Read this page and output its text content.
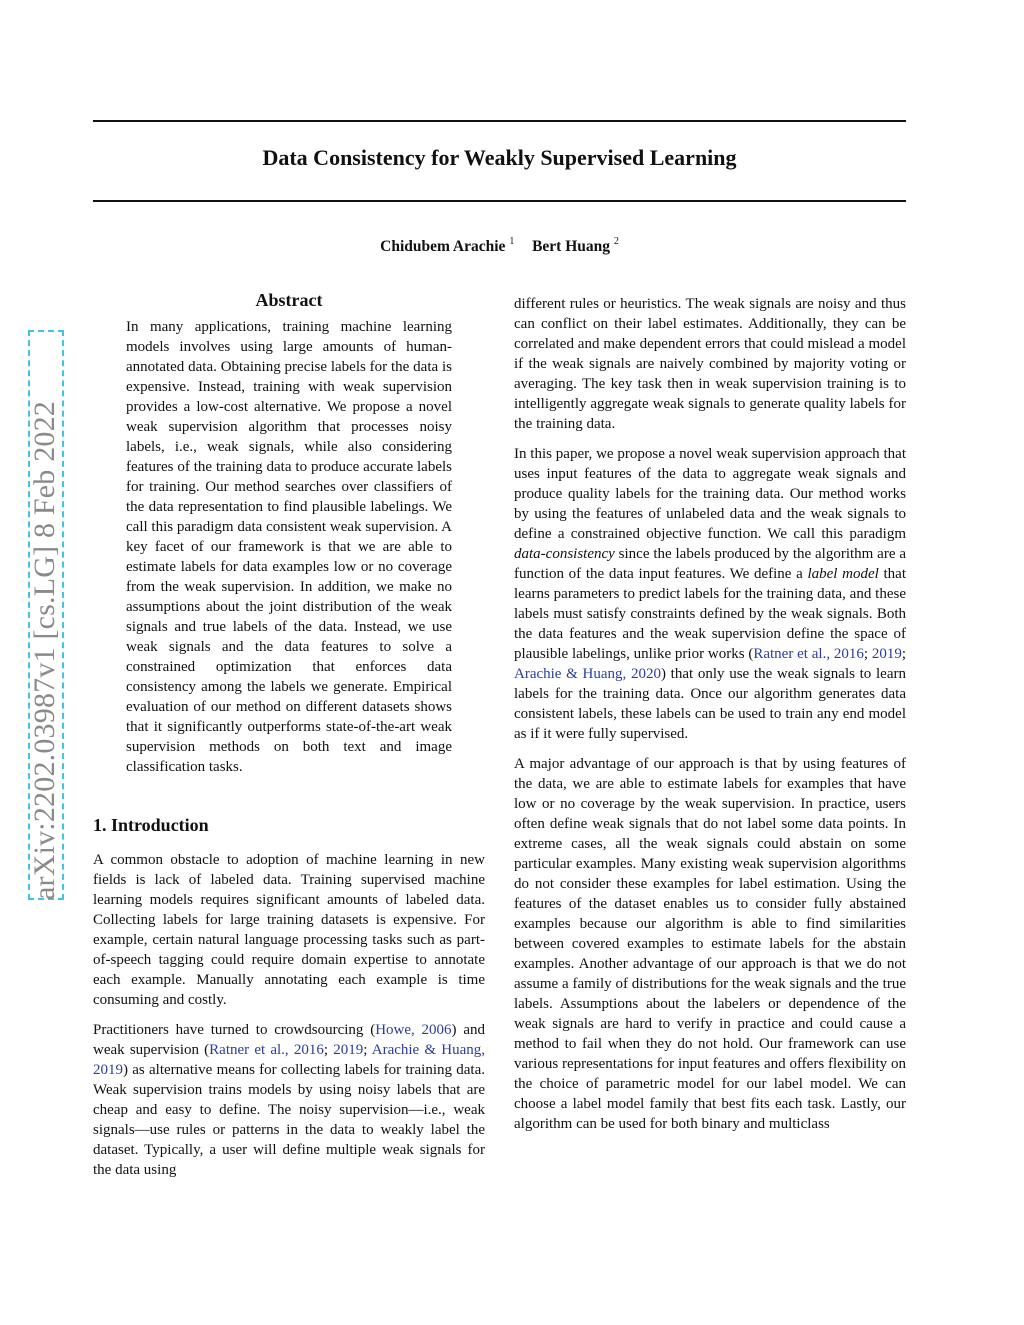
Data Consistency for Weakly Supervised Learning
Chidubem Arachie $^1$ Bert Huang $^2$
arXiv:2202.03987v1 [cs.LG] 8 Feb 2022
Abstract
In many applications, training machine learning models involves using large amounts of human-annotated data. Obtaining precise labels for the data is expensive. Instead, training with weak supervision provides a low-cost alternative. We propose a novel weak supervision algorithm that processes noisy labels, i.e., weak signals, while also considering features of the training data to produce accurate labels for training. Our method searches over classifiers of the data representation to find plausible labelings. We call this paradigm data consistent weak supervision. A key facet of our framework is that we are able to estimate labels for data examples low or no coverage from the weak supervision. In addition, we make no assumptions about the joint distribution of the weak signals and true labels of the data. Instead, we use weak signals and the data features to solve a constrained optimization that enforces data consistency among the labels we generate. Empirical evaluation of our method on different datasets shows that it significantly outperforms state-of-the-art weak supervision methods on both text and image classification tasks.
1. Introduction

A common obstacle to adoption of machine learning in new fields is lack of labeled data. Training supervised machine learning models requires significant amounts of labeled data. Collecting labels for large training datasets is expensive. For example, certain natural language processing tasks such as part-of-speech tagging could require domain expertise to annotate each example. Manually annotating each example is time consuming and costly.

Practitioners have turned to crowdsourcing (Howe, 2006) and weak supervision (Ratner et al., 2016; 2019; Arachie & Huang, 2019) as alternative means for collecting labels for training data. Weak supervision trains models by using noisy labels that are cheap and easy to define. The noisy supervision—i.e., weak signals—use rules or patterns in the data to weakly label the dataset. Typically, a user will define multiple weak signals for the data using

different rules or heuristics. The weak signals are noisy and thus can conflict on their label estimates. Additionally, they can be correlated and make dependent errors that could mislead a model if the weak signals are naively combined by majority voting or averaging. The key task then in weak supervision training is to intelligently aggregate weak signals to generate quality labels for the training data.

In this paper, we propose a novel weak supervision approach that uses input features of the data to aggregate weak signals and produce quality labels for the training data. Our method works by using the features of unlabeled data and the weak signals to define a constrained objective function. We call this paradigm data-consistency since the labels produced by the algorithm are a function of the data input features. We define a label model that learns parameters to predict labels for the training data, and these labels must satisfy constraints defined by the weak signals. Both the data features and the weak supervision define the space of plausible labelings, unlike prior works (Ratner et al., 2016; 2019; Arachie & Huang, 2020) that only use the weak signals to learn labels for the training data. Once our algorithm generates data consistent labels, these labels can be used to train any end model as if it were fully supervised.

A major advantage of our approach is that by using features of the data, we are able to estimate labels for examples that have low or no coverage by the weak supervision. In practice, users often define weak signals that do not label some data points. In extreme cases, all the weak signals could abstain on some particular examples. Many existing weak supervision algorithms do not consider these examples for label estimation. Using the features of the dataset enables us to consider fully abstained examples because our algorithm is able to find similarities between covered examples to estimate labels for the abstain examples. Another advantage of our approach is that we do not assume a family of distributions for the weak signals and the true labels. Assumptions about the labelers or dependence of the weak signals are hard to verify in practice and could cause a method to fail when they do not hold. Our framework can use various representations for input features and offers flexibility on the choice of parametric model for our label model. We can choose a label model family that best fits each task. Lastly, our algorithm can be used for both binary and multiclass
